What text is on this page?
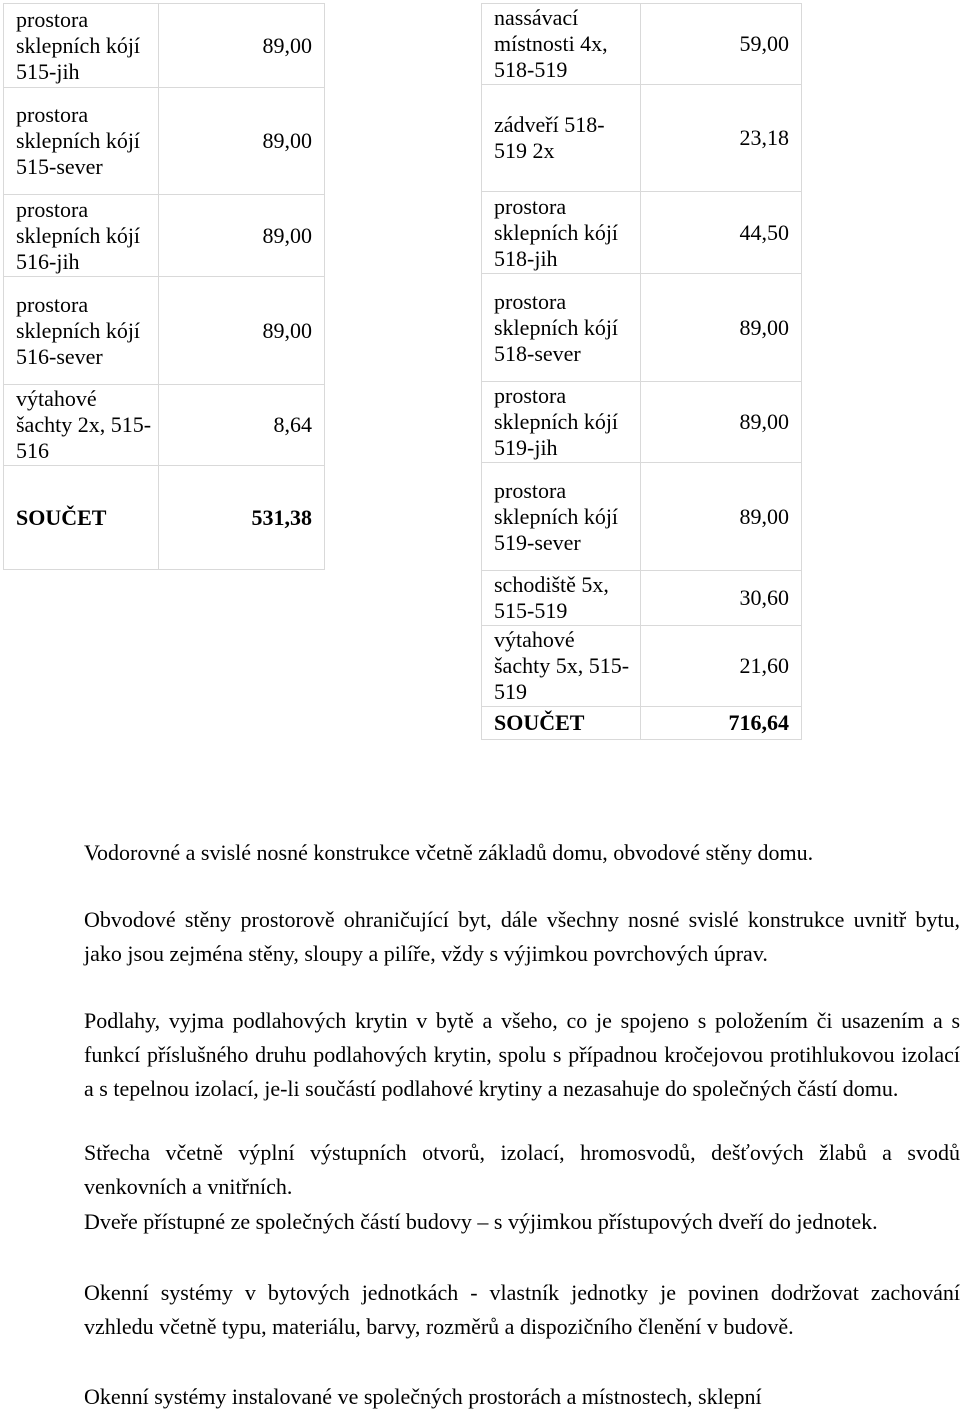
prostora sklepních kójí 515-jih	89,00
prostora sklepních kójí 515-sever	89,00
prostora sklepních kójí 516-jih	89,00
prostora sklepních kójí 516-sever	89,00
výtahové šachty 2x, 515-516	8,64
SOUČET	531,38
nassávací místnosti 4x, 518-519	59,00
zádveří 518-519 2x	23,18
prostora sklepních kójí 518-jih	44,50
prostora sklepních kójí 518-sever	89,00
prostora sklepních kójí 519-jih	89,00
prostora sklepních kójí 519-sever	89,00
schodiště 5x, 515-519	30,60
výtahové šachty 5x, 515-519	21,60
SOUČET	716,64
Vodorovné a svislé nosné konstrukce včetně základů domu, obvodové stěny domu.
Obvodové stěny prostorově ohraničující byt, dále všechny nosné svislé konstrukce uvnitř bytu, jako jsou zejména stěny, sloupy a pilíře, vždy s výjimkou povrchových úprav.
Podlahy, vyjma podlahových krytin v bytě a všeho, co je spojeno s položením či usazením a s funkcí příslušného druhu podlahových krytin, spolu s případnou kročejovou protihlukovou izolací a s tepelnou izolací, je-li součástí podlahové krytiny a nezasahuje do společných částí domu.
Střecha včetně výplní výstupních otvorů, izolací, hromosvodů, dešťových žlabů a svodů venkovních a vnitřních.
Dveře přístupné ze společných částí budovy – s výjimkou přístupových dveří do jednotek.
Okenní systémy v bytových jednotkách - vlastník jednotky je povinen dodržovat zachování vzhledu včetně typu, materiálu, barvy, rozměrů a dispozičního členění v budově.
Okenní systémy instalované ve společných prostorách a místnostech, sklepní
